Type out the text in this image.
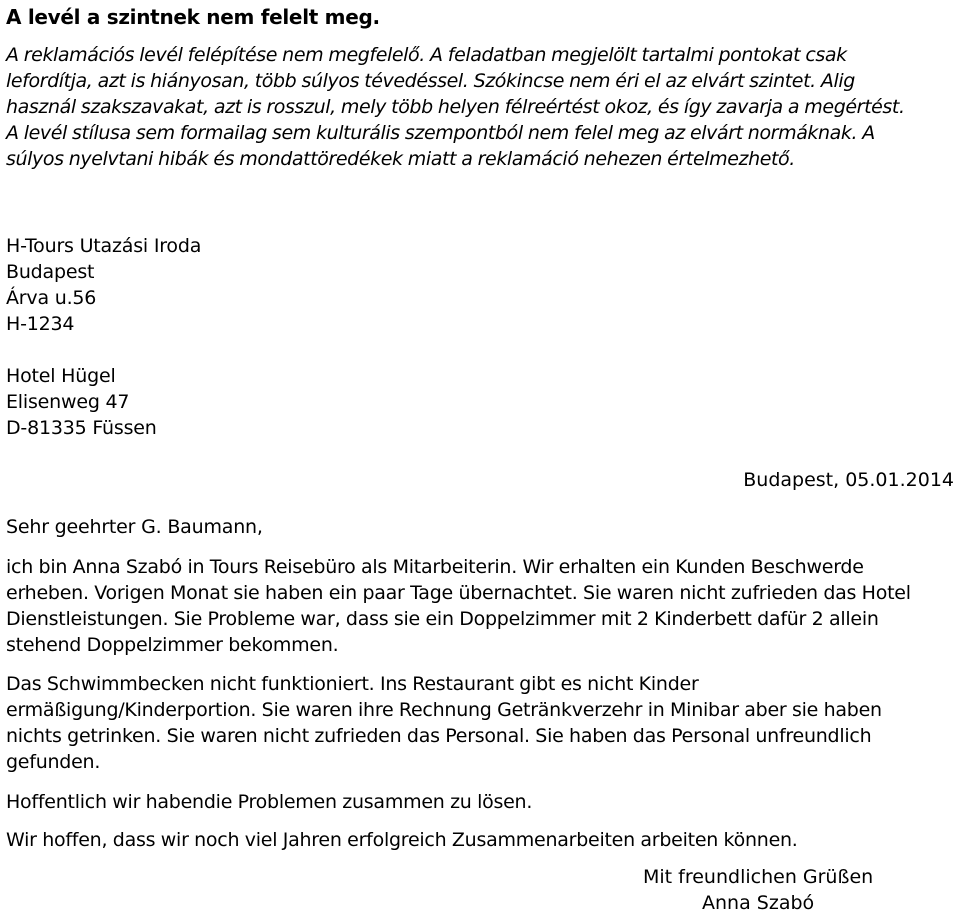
A levél a szintnek nem felelt meg.
A reklamációs levél felépítése nem megfelelő. A feladatban megjelölt tartalmi pontokat csak
lefordítja, azt is hiányosan, több súlyos tévedéssel. Szókincse nem éri el az elvárt szintet. Alig
használ szakszavakat, azt is rosszul, mely több helyen félreértést okoz, és így zavarja a megértést.
A levél stílusa sem formailag sem kulturális szempontból nem felel meg az elvárt normáknak. A
súlyos nyelvtani hibák és mondattöredékek miatt a reklamáció nehezen értelmezhető.
H-Tours Utazási Iroda
Budapest
Árva u.56
H-1234
Hotel Hügel
Elisenweg 47
D-81335 Füssen
Budapest, 05.01.2014
Sehr geehrter G. Baumann,
ich bin Anna Szabó in Tours Reisebüro als Mitarbeiterin. Wir erhalten ein Kunden Beschwerde
erheben. Vorigen Monat sie haben ein paar Tage übernachtet. Sie waren nicht zufrieden das Hotel
Dienstleistungen. Sie Probleme war, dass sie ein Doppelzimmer mit 2 Kinderbett dafür 2 allein
stehend Doppelzimmer bekommen.
Das Schwimmbecken nicht funktioniert. Ins Restaurant gibt es nicht Kinder
ermäßigung/Kinderportion. Sie waren ihre Rechnung Getränkverzehr in Minibar aber sie haben
nichts getrinken. Sie waren nicht zufrieden das Personal. Sie haben das Personal unfreundlich
gefunden.
Hoffentlich wir habendie Problemen zusammen zu lösen.
Wir hoffen, dass wir noch viel Jahren erfolgreich Zusammenarbeiten arbeiten können.
Mit freundlichen Grüßen
Anna Szabó
